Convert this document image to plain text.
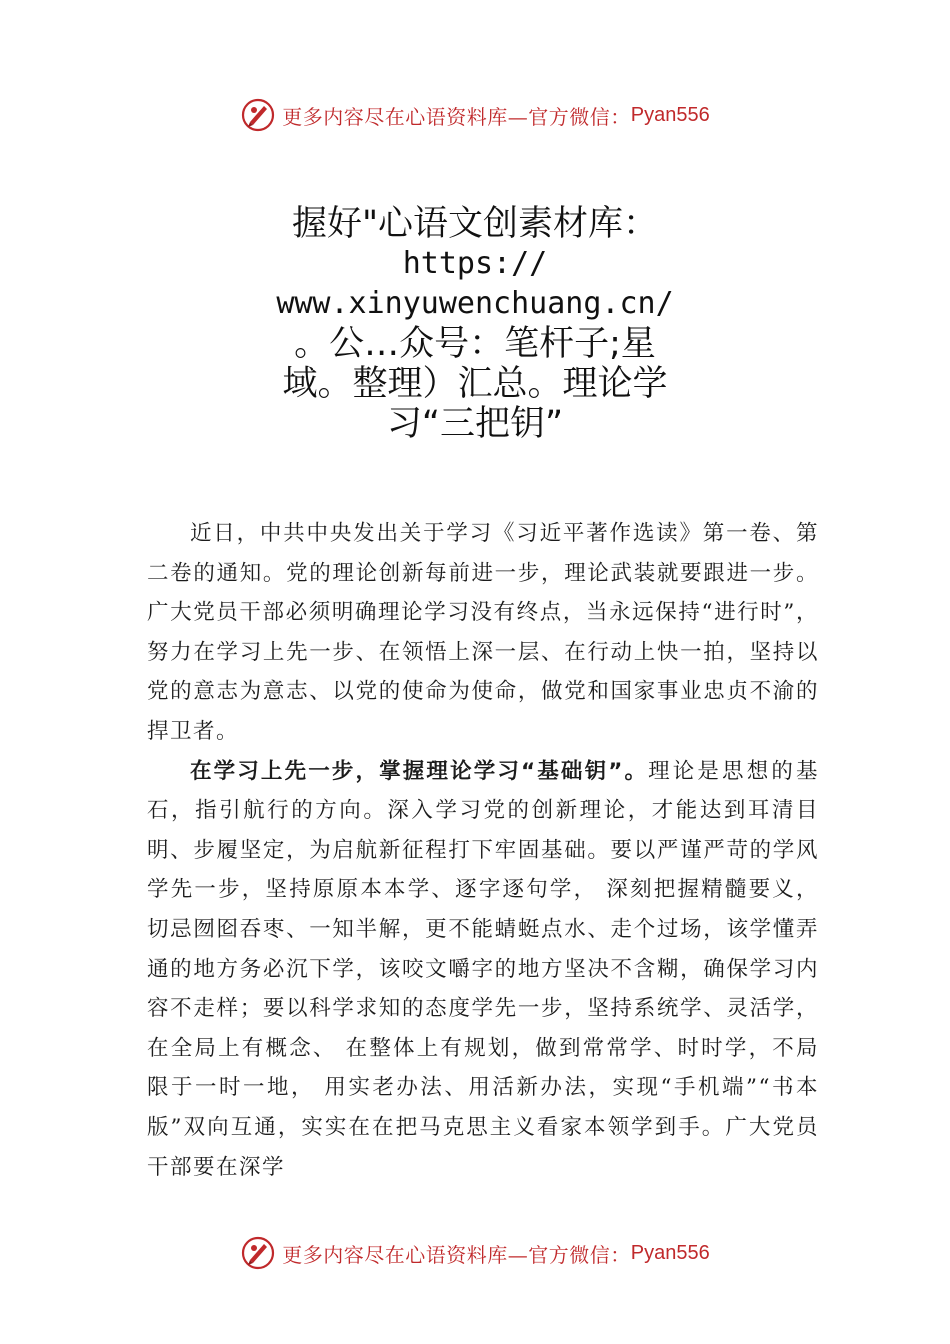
更多内容尽在心语资料库—官方微信： Pyan556
握好"心语文创素材库：
https://
www.xinyuwenchuang.cn/
。公…众号：笔杆子;星
域。整理）汇总。理论学
习“三把钥”

近日，中共中央发出关于学习《习近平著作选读》第一卷、第二卷的通知。党的理论创新每前进一步，理论武装就要跟进一步。广大党员干部必须明确理论学习没有终点，当永远保持“进行时”，努力在学习上先一步、在领悟上深一层、在行动上快一拍，坚持以党的意志为意志、以党的使命为使命，做党和国家事业忠贞不渝的捍卫者。

在学习上先一步，掌握理论学习“基础钥”。理论是思想的基石，指引航行的方向。深入学习党的创新理论，才能达到耳清目明、步履坚定，为启航新征程打下牢固基础。要以严谨严苛的学风学先一步，坚持原原本本学、逐字逐句学， 深刻把握精髓要义，切忌囫囵吞枣、一知半解，更不能蜻蜓点水、走个过场，该学懂弄通的地方务必沉下学，该咬文嚼字的地方坚决不含糊，确保学习内容不走样；要以科学求知的态度学先一步，坚持系统学、灵活学，在全局上有概念、 在整体上有规划，做到常常学、时时学，不局限于一时一地， 用实老办法、用活新办法，实现“手机端”“书本版”双向互通，实实在在把马克思主义看家本领学到手。广大党员干部要在深学

更多内容尽在心语资料库—官方微信： Pyan556
